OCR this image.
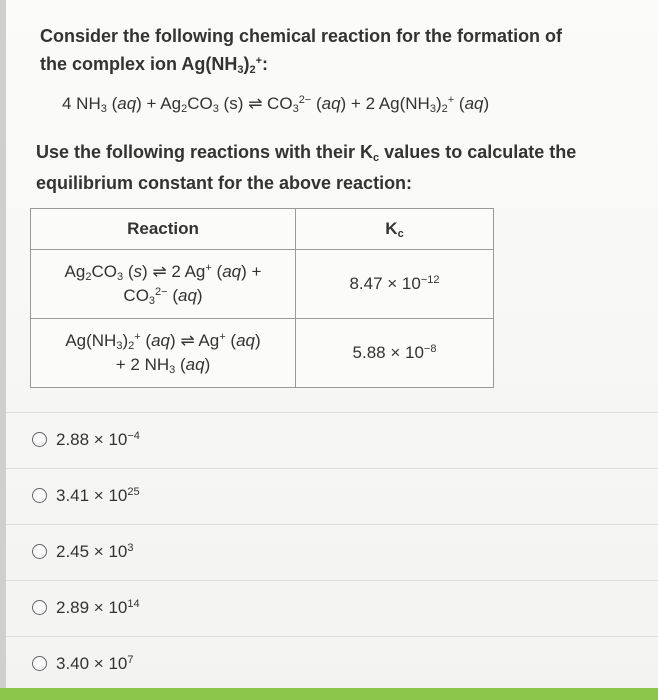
Consider the following chemical reaction for the formation of
the complex ion $Ag(NH_3)_2^+$:
4 $NH_3$ $(aq) + Ag_2CO_3$ (s) ⇌ $CO_3^{2-}$ (aq) + 2 $Ag(NH_3)_2^+$ (aq)
Use the following reactions with their $K_c$ values to calculate the
equilibrium constant for the above reaction:
Reaction	$K_c$

$Ag_2CO_3$ (s) ⇌ 2 Ag+ (aq) +
$CO_3^{2-}$ (aq)	$8.47 \times 10^{-12}$

$Ag(NH_3)_2^+$ (aq) ⇌ Ag+ (aq)
+ 2 $NH_3$ (aq)	$5.88 \times 10^{-8}$
$2.88 \times 10^{-4}$
$3.41 \times 10^{25}$
$2.45 \times 10^3$
$2.89 \times 10^{14}$
$3.40 \times 10^7$
